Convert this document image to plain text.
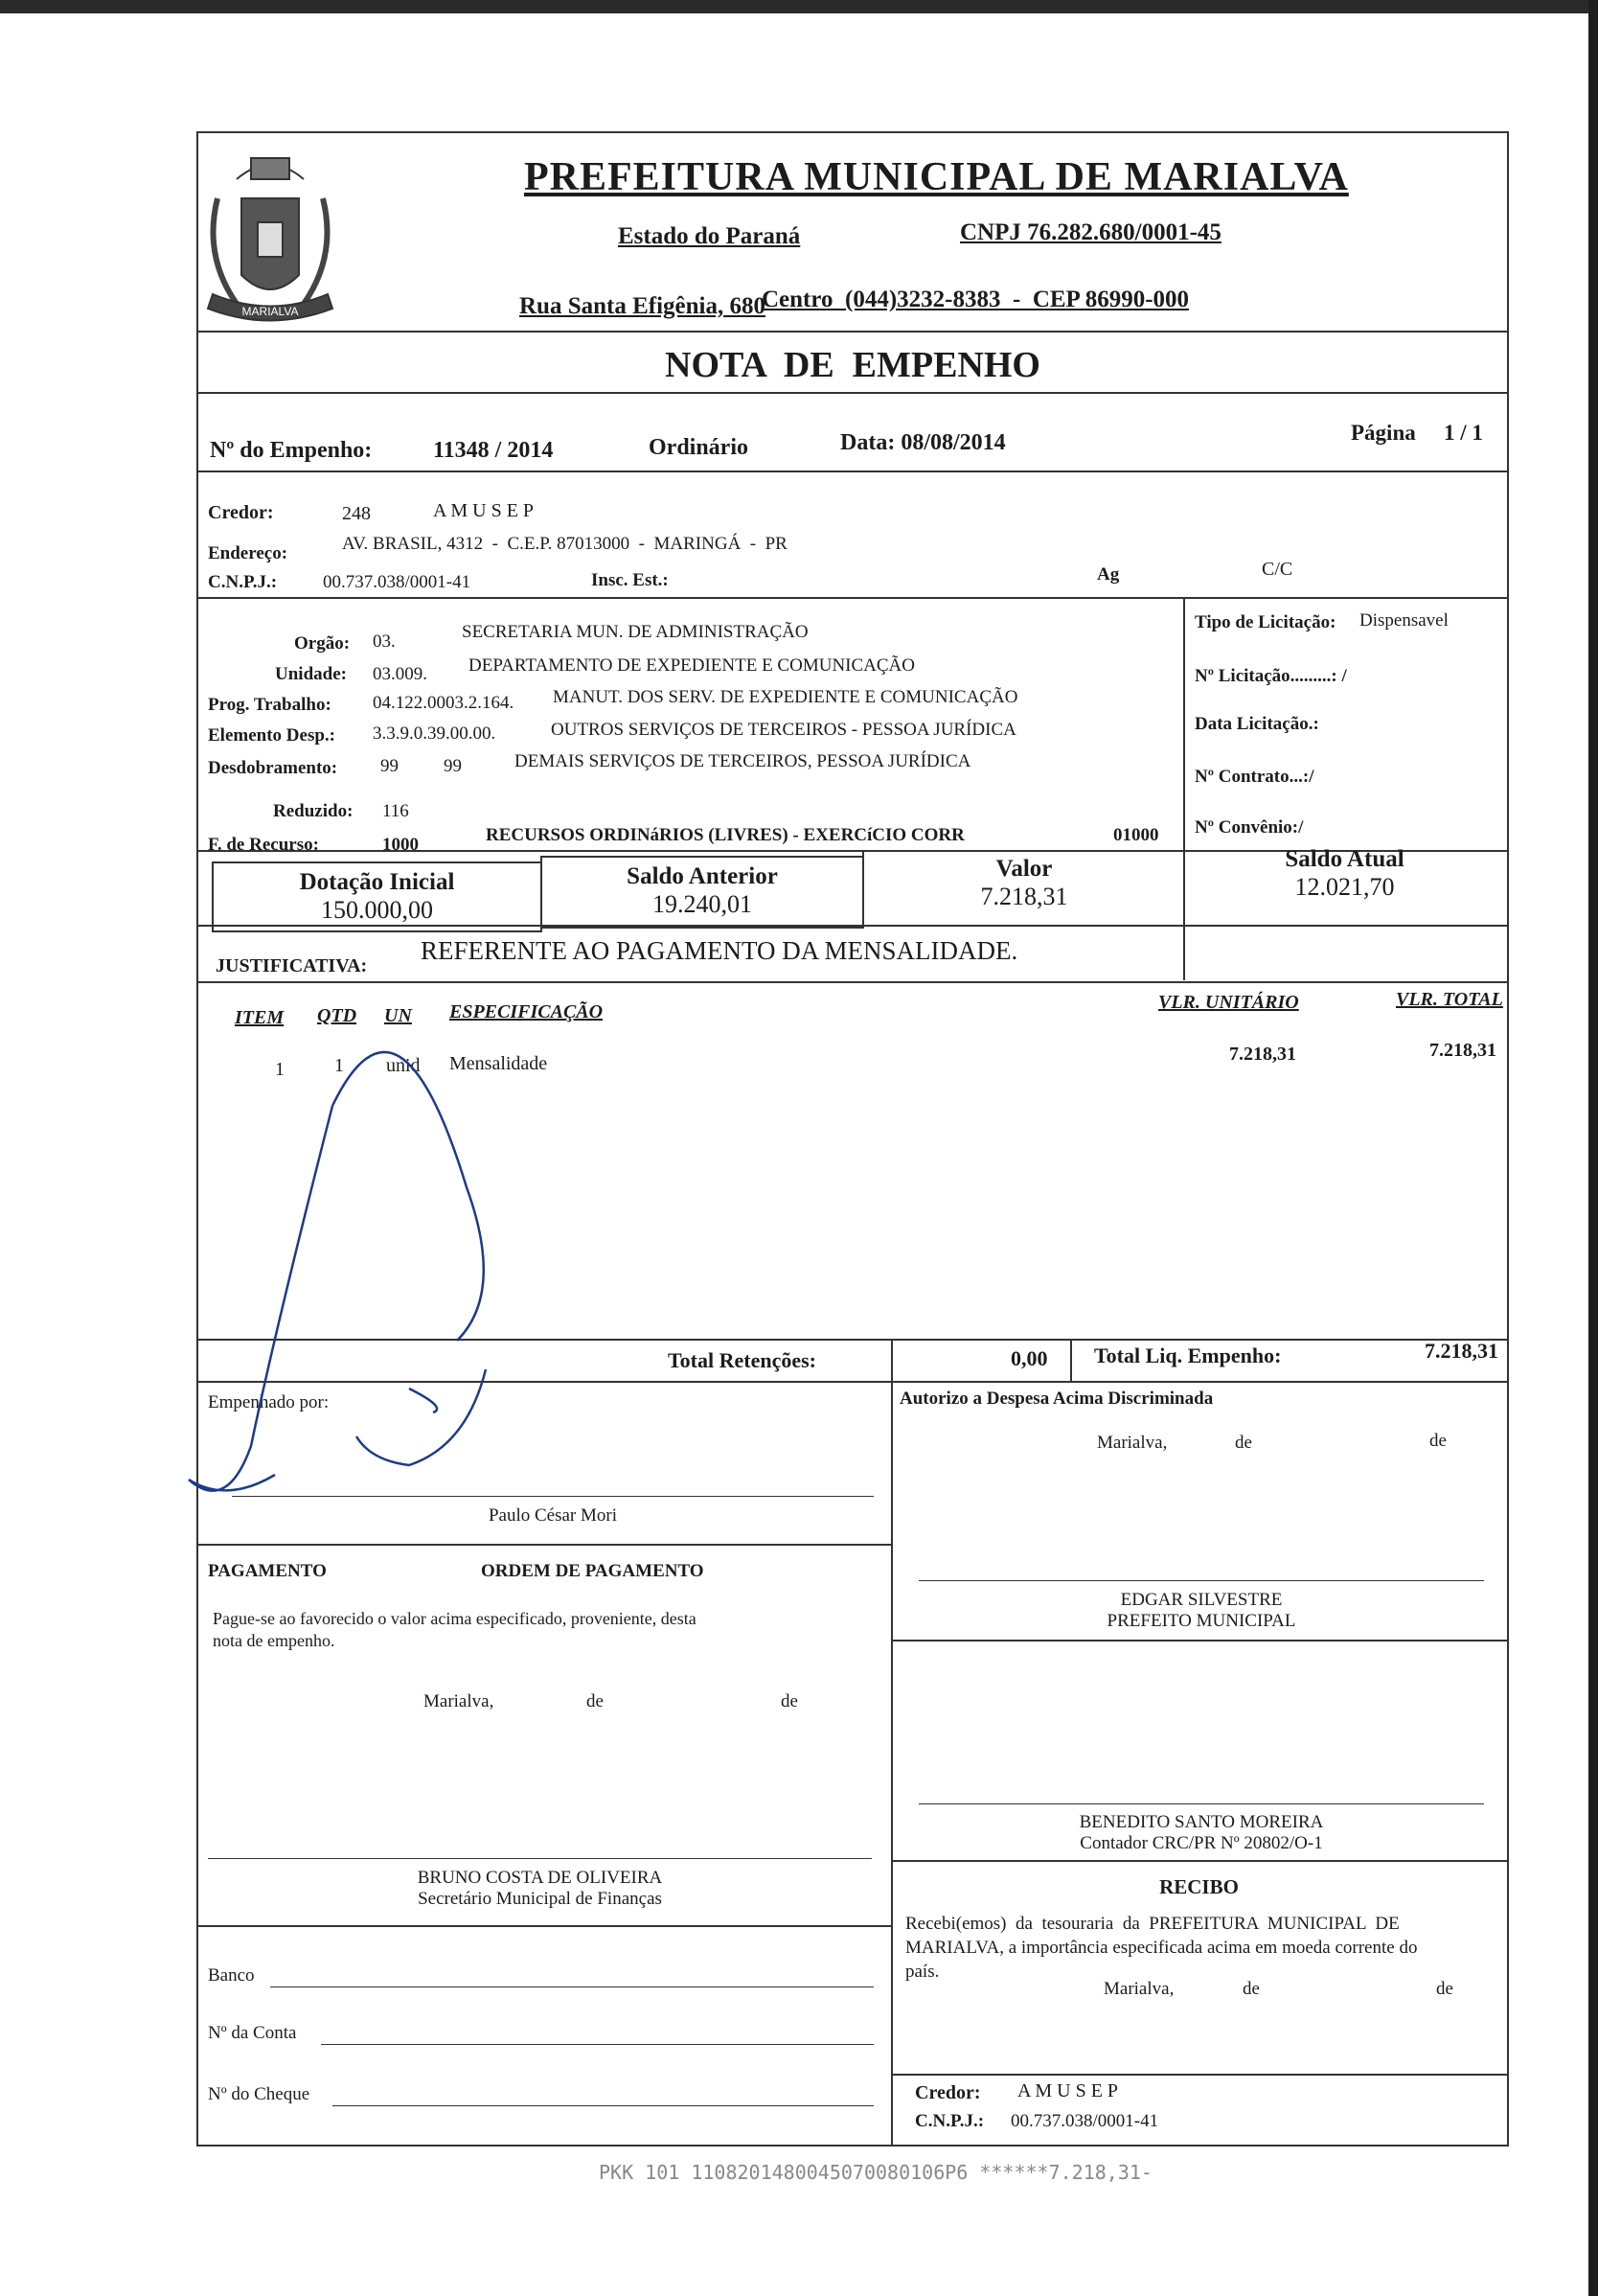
MARIALVA
PREFEITURA MUNICIPAL DE MARIALVA
Estado do Paraná	CNPJ 76.282.680/0001-45
Rua Santa Efigênia, 680
Centro  (044)3232-8383  -  CEP 86990-000
NOTA  DE  EMPENHO
Nº do Empenho:	11348 / 2014	Ordinário	Data: 08/08/2014	Página 1 / 1
Credor:	248	A M U S E P
Endereço:	AV. BRASIL, 4312  -  C.E.P. 87013000  -  MARINGÁ  -  PR
C.N.P.J.:	00.737.038/0001-41	Insc. Est.:	Ag	C/C
Orgão: 03.	SECRETARIA MUN. DE ADMINISTRAÇÃO
Unidade: 03.009. DEPARTAMENTO DE EXPEDIENTE E COMUNICAÇÃO
Prog. Trabalho: 04.122.0003.2.164. MANUT. DOS SERV. DE EXPEDIENTE E COMUNICAÇÃO
Elemento Desp.: 3.3.9.0.39.00.00.	OUTROS SERVIÇOS DE TERCEIROS - PESSOA JURÍDICA
Desdobramento: 99 99	DEMAIS SERVIÇOS DE TERCEIROS, PESSOA JURÍDICA
Reduzido: 116
F. de Recurso:	1000	RECURSOS ORDINáRIOS (LIVRES) - EXERCíCIO CORR	01000
Tipo de Licitação: Dispensavel
Nº Licitação.........: /
Data Licitação.:
Nº Contrato...:/
Nº Convênio:/
Dotação Inicial
150.000,00
Saldo Anterior
19.240,01
Valor
7.218,31
Saldo Atual
12.021,70
JUSTIFICATIVA:
REFERENTE AO PAGAMENTO DA MENSALIDADE.
ITEM QTD UN ESPECIFICAÇÃO	VLR. UNITÁRIO	VLR. TOTAL
1	1 unid Mensalidade	7.218,31	7.218,31
Total Retenções:	0,00 Total Liq. Empenho:	7.218,31
Empenhado por:
Paulo César Mori
Autorizo a Despesa Acima Discriminada
Marialva,	de	de
EDGAR SILVESTRE
PREFEITO MUNICIPAL
PAGAMENTO	ORDEM DE PAGAMENTO
Pague-se ao favorecido o valor acima especificado, proveniente, desta
nota de empenho.
Marialva,	de	de
BENEDITO SANTO MOREIRA
Contador CRC/PR Nº 20802/O-1
BRUNO COSTA DE OLIVEIRA
Secretário Municipal de Finanças
RECIBO
Recebi(emos)  da  tesouraria  da  PREFEITURA  MUNICIPAL  DE
MARIALVA, a importância especificada acima em moeda corrente do
país.
Marialva,	de	de
Banco
Nº da Conta
Nº do Cheque	Credor: A M U S E P
C.N.P.J.: 00.737.038/0001-41
PKK 101 1108201480045070080106P6 ******7.218,31-
